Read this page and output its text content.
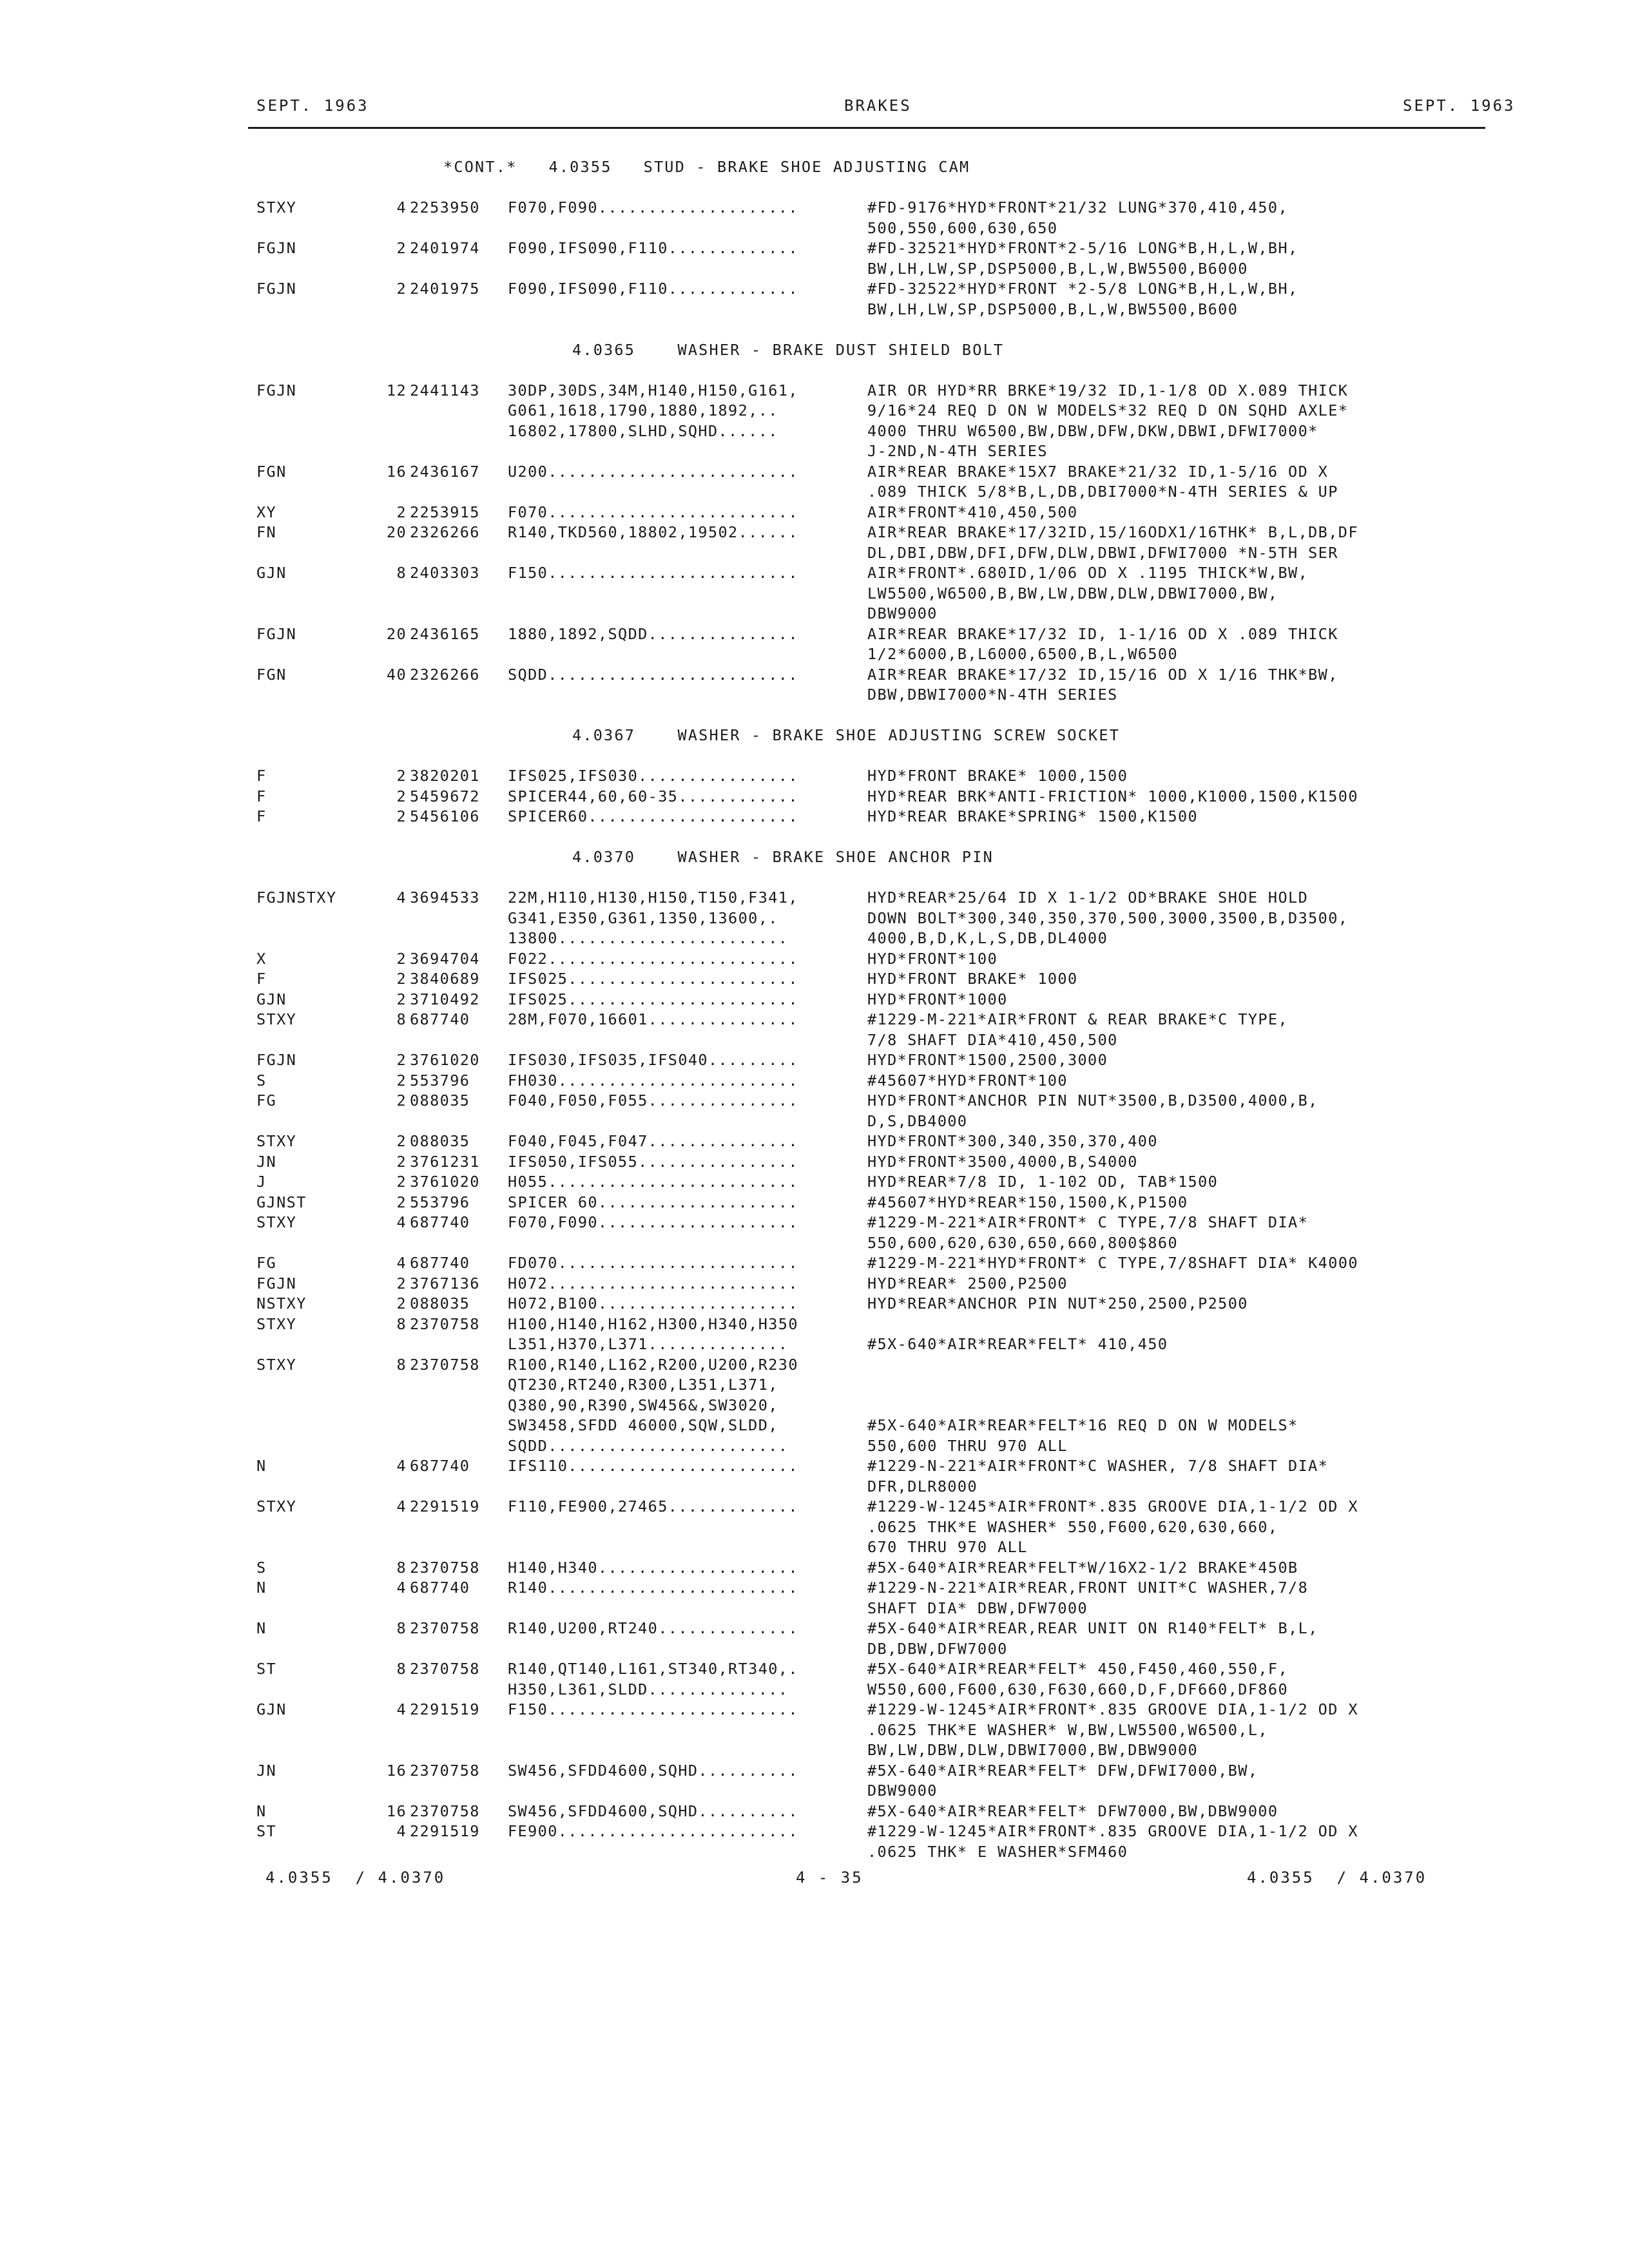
SEPT. 1963	BRAKES	SEPT. 1963
*CONT.*   4.0355   STUD - BRAKE SHOE ADJUSTING CAM
STXY	4 2253950 F070,F090....................	#FD-9176*HYD*FRONT*21/32 LUNG*370,410,450,
500,550,600,630,650
FGJN	2 2401974 F090,IFS090,F110.............	#FD-32521*HYD*FRONT*2-5/16 LONG*B,H,L,W,BH,
BW,LH,LW,SP,DSP5000,B,L,W,BW5500,B6000
FGJN	2 2401975 F090,IFS090,F110.............	#FD-32522*HYD*FRONT *2-5/8 LONG*B,H,L,W,BH,
BW,LH,LW,SP,DSP5000,B,L,W,BW5500,B600
4.0365    WASHER - BRAKE DUST SHIELD BOLT
FGJN	12 2441143 30DP,30DS,34M,H140,H150,G161,	AIR OR HYD*RR BRKE*19/32 ID,1-1/8 OD X.089 THICK
G061,1618,1790,1880,1892,..	9/16*24 REQ D ON W MODELS*32 REQ D ON SQHD AXLE*
16802,17800,SLHD,SQHD......	4000 THRU W6500,BW,DBW,DFW,DKW,DBWI,DFWI7000*
J-2ND,N-4TH SERIES
FGN	16 2436167 U200.........................	AIR*REAR BRAKE*15X7 BRAKE*21/32 ID,1-5/16 OD X
.089 THICK 5/8*B,L,DB,DBI7000*N-4TH SERIES & UP
XY	2 2253915 F070.........................	AIR*FRONT*410,450,500
FN	20 2326266 R140,TKD560,18802,19502......	AIR*REAR BRAKE*17/32ID,15/16ODX1/16THK* B,L,DB,DF
DL,DBI,DBW,DFI,DFW,DLW,DBWI,DFWI7000 *N-5TH SER
GJN	8 2403303 F150.........................	AIR*FRONT*.680ID,1/06 OD X .1195 THICK*W,BW,
LW5500,W6500,B,BW,LW,DBW,DLW,DBWI7000,BW,
DBW9000
FGJN	20 2436165 1880,1892,SQDD...............	AIR*REAR BRAKE*17/32 ID, 1-1/16 OD X .089 THICK
1/2*6000,B,L6000,6500,B,L,W6500
FGN	40 2326266 SQDD.........................	AIR*REAR BRAKE*17/32 ID,15/16 OD X 1/16 THK*BW,
DBW,DBWI7000*N-4TH SERIES
4.0367    WASHER - BRAKE SHOE ADJUSTING SCREW SOCKET
F	2 3820201 IFS025,IFS030................	HYD*FRONT BRAKE* 1000,1500
F	2 5459672 SPICER44,60,60-35............	HYD*REAR BRK*ANTI-FRICTION* 1000,K1000,1500,K1500
F	2 5456106 SPICER60.....................	HYD*REAR BRAKE*SPRING* 1500,K1500
4.0370    WASHER - BRAKE SHOE ANCHOR PIN
FGJNSTXY	4 3694533 22M,H110,H130,H150,T150,F341,	HYD*REAR*25/64 ID X 1-1/2 OD*BRAKE SHOE HOLD
G341,E350,G361,1350,13600,.	DOWN BOLT*300,340,350,370,500,3000,3500,B,D3500,
13800.......................	4000,B,D,K,L,S,DB,DL4000
X	2 3694704 F022.........................	HYD*FRONT*100
F	2 3840689 IFS025.......................	HYD*FRONT BRAKE* 1000
GJN	2 3710492 IFS025.......................	HYD*FRONT*1000
STXY	8 687740 28M,F070,16601...............	#1229-M-221*AIR*FRONT & REAR BRAKE*C TYPE,
7/8 SHAFT DIA*410,450,500
FGJN	2 3761020 IFS030,IFS035,IFS040.........	HYD*FRONT*1500,2500,3000
S	2 553796 FH030........................	#45607*HYD*FRONT*100
FG	2 088035 F040,F050,F055...............	HYD*FRONT*ANCHOR PIN NUT*3500,B,D3500,4000,B,
D,S,DB4000
STXY	2 088035 F040,F045,F047...............	HYD*FRONT*300,340,350,370,400
JN	2 3761231 IFS050,IFS055................	HYD*FRONT*3500,4000,B,S4000
J	2 3761020 H055.........................	HYD*REAR*7/8 ID, 1-102 OD, TAB*1500
GJNST	2 553796 SPICER 60....................	#45607*HYD*REAR*150,1500,K,P1500
STXY	4 687740 F070,F090....................	#1229-M-221*AIR*FRONT* C TYPE,7/8 SHAFT DIA*
550,600,620,630,650,660,800$860
FG	4 687740 FD070........................	#1229-M-221*HYD*FRONT* C TYPE,7/8SHAFT DIA* K4000
FGJN	2 3767136 H072.........................	HYD*REAR* 2500,P2500
NSTXY	2 088035 H072,B100....................	HYD*REAR*ANCHOR PIN NUT*250,2500,P2500
STXY	8 2370758 H100,H140,H162,H300,H340,H350
L351,H370,L371..............	#5X-640*AIR*REAR*FELT* 410,450
STXY	8 2370758 R100,R140,L162,R200,U200,R230
QT230,RT240,R300,L351,L371,
Q380,90,R390,SW456&,SW3020,
SW3458,SFDD 46000,SQW,SLDD,	#5X-640*AIR*REAR*FELT*16 REQ D ON W MODELS*
SQDD........................	550,600 THRU 970 ALL
N	4 687740 IFS110.......................	#1229-N-221*AIR*FRONT*C WASHER, 7/8 SHAFT DIA*
DFR,DLR8000
STXY	4 2291519 F110,FE900,27465.............	#1229-W-1245*AIR*FRONT*.835 GROOVE DIA,1-1/2 OD X
.0625 THK*E WASHER* 550,F600,620,630,660,
670 THRU 970 ALL
S	8 2370758 H140,H340....................	#5X-640*AIR*REAR*FELT*W/16X2-1/2 BRAKE*450B
N	4 687740 R140.........................	#1229-N-221*AIR*REAR,FRONT UNIT*C WASHER,7/8
SHAFT DIA* DBW,DFW7000
N	8 2370758 R140,U200,RT240..............	#5X-640*AIR*REAR,REAR UNIT ON R140*FELT* B,L,
DB,DBW,DFW7000
ST	8 2370758 R140,QT140,L161,ST340,RT340,.	#5X-640*AIR*REAR*FELT* 450,F450,460,550,F,
H350,L361,SLDD..............	W550,600,F600,630,F630,660,D,F,DF660,DF860
GJN	4 2291519 F150.........................	#1229-W-1245*AIR*FRONT*.835 GROOVE DIA,1-1/2 OD X
.0625 THK*E WASHER* W,BW,LW5500,W6500,L,
BW,LW,DBW,DLW,DBWI7000,BW,DBW9000
JN	16 2370758 SW456,SFDD4600,SQHD..........	#5X-640*AIR*REAR*FELT* DFW,DFWI7000,BW,
DBW9000
N	16 2370758 SW456,SFDD4600,SQHD..........	#5X-640*AIR*REAR*FELT* DFW7000,BW,DBW9000
ST	4 2291519 FE900........................	#1229-W-1245*AIR*FRONT*.835 GROOVE DIA,1-1/2 OD X
.0625 THK* E WASHER*SFM460
4.0355  / 4.0370	4 - 35	4.0355  / 4.0370
